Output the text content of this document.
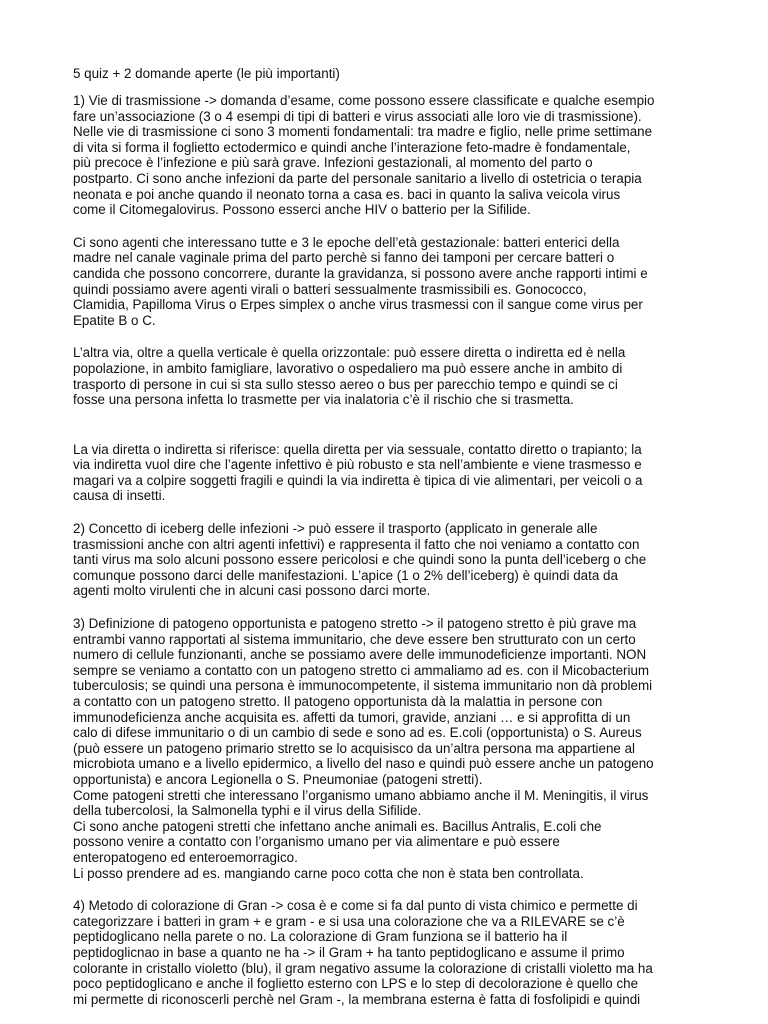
5 quiz + 2 domande aperte (le più importanti)

1) Vie di trasmissione -> domanda d’esame, come possono essere classificate e qualche esempio
fare un’associazione (3 o 4 esempi di tipi di batteri e virus associati alle loro vie di trasmissione).
Nelle vie di trasmissione ci sono 3 momenti fondamentali: tra madre e figlio, nelle prime settimane
di vita si forma il foglietto ectodermico e quindi anche l’interazione feto-madre è fondamentale,
più precoce è l’infezione e più sarà grave. Infezioni gestazionali, al momento del parto o
postparto. Ci sono anche infezioni da parte del personale sanitario a livello di ostetricia o terapia
neonata e poi anche quando il neonato torna a casa es. baci in quanto la saliva veicola virus
come il Citomegalovirus. Possono esserci anche HIV o batterio per la Sifilide.

Ci sono agenti che interessano tutte e 3 le epoche dell’età gestazionale: batteri enterici della
madre nel canale vaginale prima del parto perchè si fanno dei tamponi per cercare batteri o
candida che possono concorrere, durante la gravidanza, si possono avere anche rapporti intimi e
quindi possiamo avere agenti virali o batteri sessualmente trasmissibili es. Gonococco,
Clamidia, Papilloma Virus o Erpes simplex o anche virus trasmessi con il sangue come virus per
Epatite B o C.

L’altra via, oltre a quella verticale è quella orizzontale: può essere diretta o indiretta ed è nella
popolazione, in ambito famigliare, lavorativo o ospedaliero ma può essere anche in ambito di
trasporto di persone in cui si sta sullo stesso aereo o bus per parecchio tempo e quindi se ci
fosse una persona infetta lo trasmette per via inalatoria c’è il rischio che si trasmetta.

La via diretta o indiretta si riferisce: quella diretta per via sessuale, contatto diretto o trapianto; la
via indiretta vuol dire che l’agente infettivo è più robusto e sta nell’ambiente e viene trasmesso e
magari va a colpire soggetti fragili e quindi la via indiretta è tipica di vie alimentari, per veicoli o a
causa di insetti.

2) Concetto di iceberg delle infezioni -> può essere il trasporto (applicato in generale alle
trasmissioni anche con altri agenti infettivi) e rappresenta il fatto che noi veniamo a contatto con
tanti virus ma solo alcuni possono essere pericolosi e che quindi sono la punta dell’iceberg o che
comunque possono darci delle manifestazioni. L’apice (1 o 2% dell’iceberg) è quindi data da
agenti molto virulenti che in alcuni casi possono darci morte.

3) Definizione di patogeno opportunista e patogeno stretto -> il patogeno stretto è più grave ma
entrambi vanno rapportati al sistema immunitario, che deve essere ben strutturato con un certo
numero di cellule funzionanti, anche se possiamo avere delle immunodeficienze importanti. NON
sempre se veniamo a contatto con un patogeno stretto ci ammaliamo ad es. con il Micobacterium
tuberculosis; se quindi una persona è immunocompetente, il sistema immunitario non dà problemi
a contatto con un patogeno stretto. Il patogeno opportunista dà la malattia in persone con
immunodeficienza anche acquisita es. affetti da tumori, gravide, anziani … e si approfitta di un
calo di difese immunitario o di un cambio di sede e sono ad es. E.coli (opportunista) o S. Aureus
(può essere un patogeno primario stretto se lo acquisisco da un’altra persona ma appartiene al
microbiota umano e a livello epidermico, a livello del naso e quindi può essere anche un patogeno
opportunista) e ancora Legionella o S. Pneumoniae (patogeni stretti).
Come patogeni stretti che interessano l’organismo umano abbiamo anche il M. Meningitis, il virus
della tubercolosi, la Salmonella typhi e il virus della Sifilide.
Ci sono anche patogeni stretti che infettano anche animali es. Bacillus Antralis, E.coli che
possono venire a contatto con l’organismo umano per via alimentare e può essere
enteropatogeno ed enteroemorragico.
Li posso prendere ad es. mangiando carne poco cotta che non è stata ben controllata.

4) Metodo di colorazione di Gran -> cosa è e come si fa dal punto di vista chimico e permette di
categorizzare i batteri in gram + e gram - e si usa una colorazione che va a RILEVARE se c’è
peptidoglicano nella parete o no. La colorazione di Gram funziona se il batterio ha il
peptidoglicnao in base a quanto ne ha -> il Gram + ha tanto peptidoglicano e assume il primo
colorante in cristallo violetto (blu), il gram negativo assume la colorazione di cristalli violetto ma ha
poco peptidoglicano e anche il foglietto esterno con LPS e lo step di decolorazione è quello che
mi permette di riconoscerli perchè nel Gram -, la membrana esterna è fatta di fosfolipidi e quindi
